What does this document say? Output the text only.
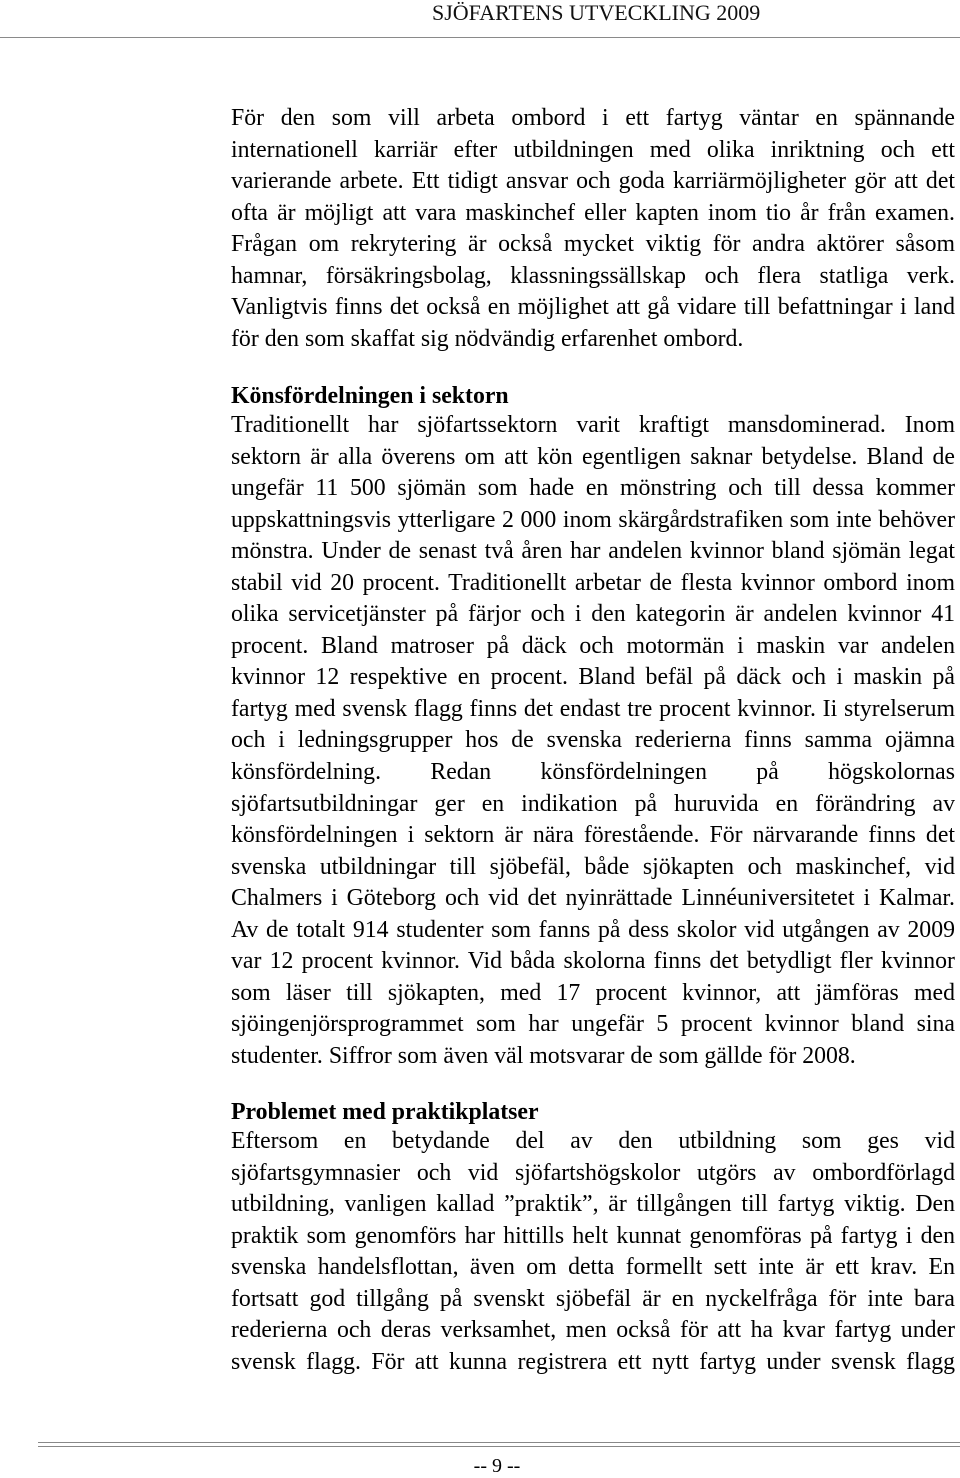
SJÖFARTENS UTVECKLING 2009
För den som vill arbeta ombord i ett fartyg väntar en spännande
internationell karriär efter utbildningen med olika inriktning och ett
varierande arbete. Ett tidigt ansvar och goda karriärmöjligheter gör att det
ofta är möjligt att vara maskinchef eller kapten inom tio år från examen.
Frågan om rekrytering är också mycket viktig för andra aktörer såsom
hamnar, försäkringsbolag, klassningssällskap och flera statliga verk.
Vanligtvis finns det också en möjlighet att gå vidare till befattningar i land
för den som skaffat sig nödvändig erfarenhet ombord.
Könsfördelningen i sektorn
Traditionellt har sjöfartssektorn varit kraftigt mansdominerad. Inom
sektorn är alla överens om att kön egentligen saknar betydelse. Bland de
ungefär 11 500 sjömän som hade en mönstring och till dessa kommer
uppskattningsvis ytterligare 2 000 inom skärgårdstrafiken som inte behöver
mönstra. Under de senast två åren har andelen kvinnor bland sjömän legat
stabil vid 20 procent. Traditionellt arbetar de flesta kvinnor ombord inom
olika servicetjänster på färjor och i den kategorin är andelen kvinnor 41
procent. Bland matroser på däck och motormän i maskin var andelen
kvinnor 12 respektive en procent. Bland befäl på däck och i maskin på
fartyg med svensk flagg finns det endast tre procent kvinnor. Ii styrelserum
och i ledningsgrupper hos de svenska rederierna finns samma ojämna
könsfördelning. Redan könsfördelningen på högskolornas
sjöfartsutbildningar ger en indikation på huruvida en förändring av
könsfördelningen i sektorn är nära förestående. För närvarande finns det
svenska utbildningar till sjöbefäl, både sjökapten och maskinchef, vid
Chalmers i Göteborg och vid det nyinrättade Linnéuniversitetet i Kalmar.
Av de totalt 914 studenter som fanns på dess skolor vid utgången av 2009
var 12 procent kvinnor. Vid båda skolorna finns det betydligt fler kvinnor
som läser till sjökapten, med 17 procent kvinnor, att jämföras med
sjöingenjörsprogrammet som har ungefär 5 procent kvinnor bland sina
studenter. Siffror som även väl motsvarar de som gällde för 2008.
Problemet med praktikplatser
Eftersom en betydande del av den utbildning som ges vid
sjöfartsgymnasier och vid sjöfartshögskolor utgörs av ombordförlagd
utbildning, vanligen kallad ”praktik”, är tillgången till fartyg viktig. Den
praktik som genomförs har hittills helt kunnat genomföras på fartyg i den
svenska handelsflottan, även om detta formellt sett inte är ett krav. En
fortsatt god tillgång på svenskt sjöbefäl är en nyckelfråga för inte bara
rederierna och deras verksamhet, men också för att ha kvar fartyg under
svensk flagg. För att kunna registrera ett nytt fartyg under svensk flagg
-- 9 --
